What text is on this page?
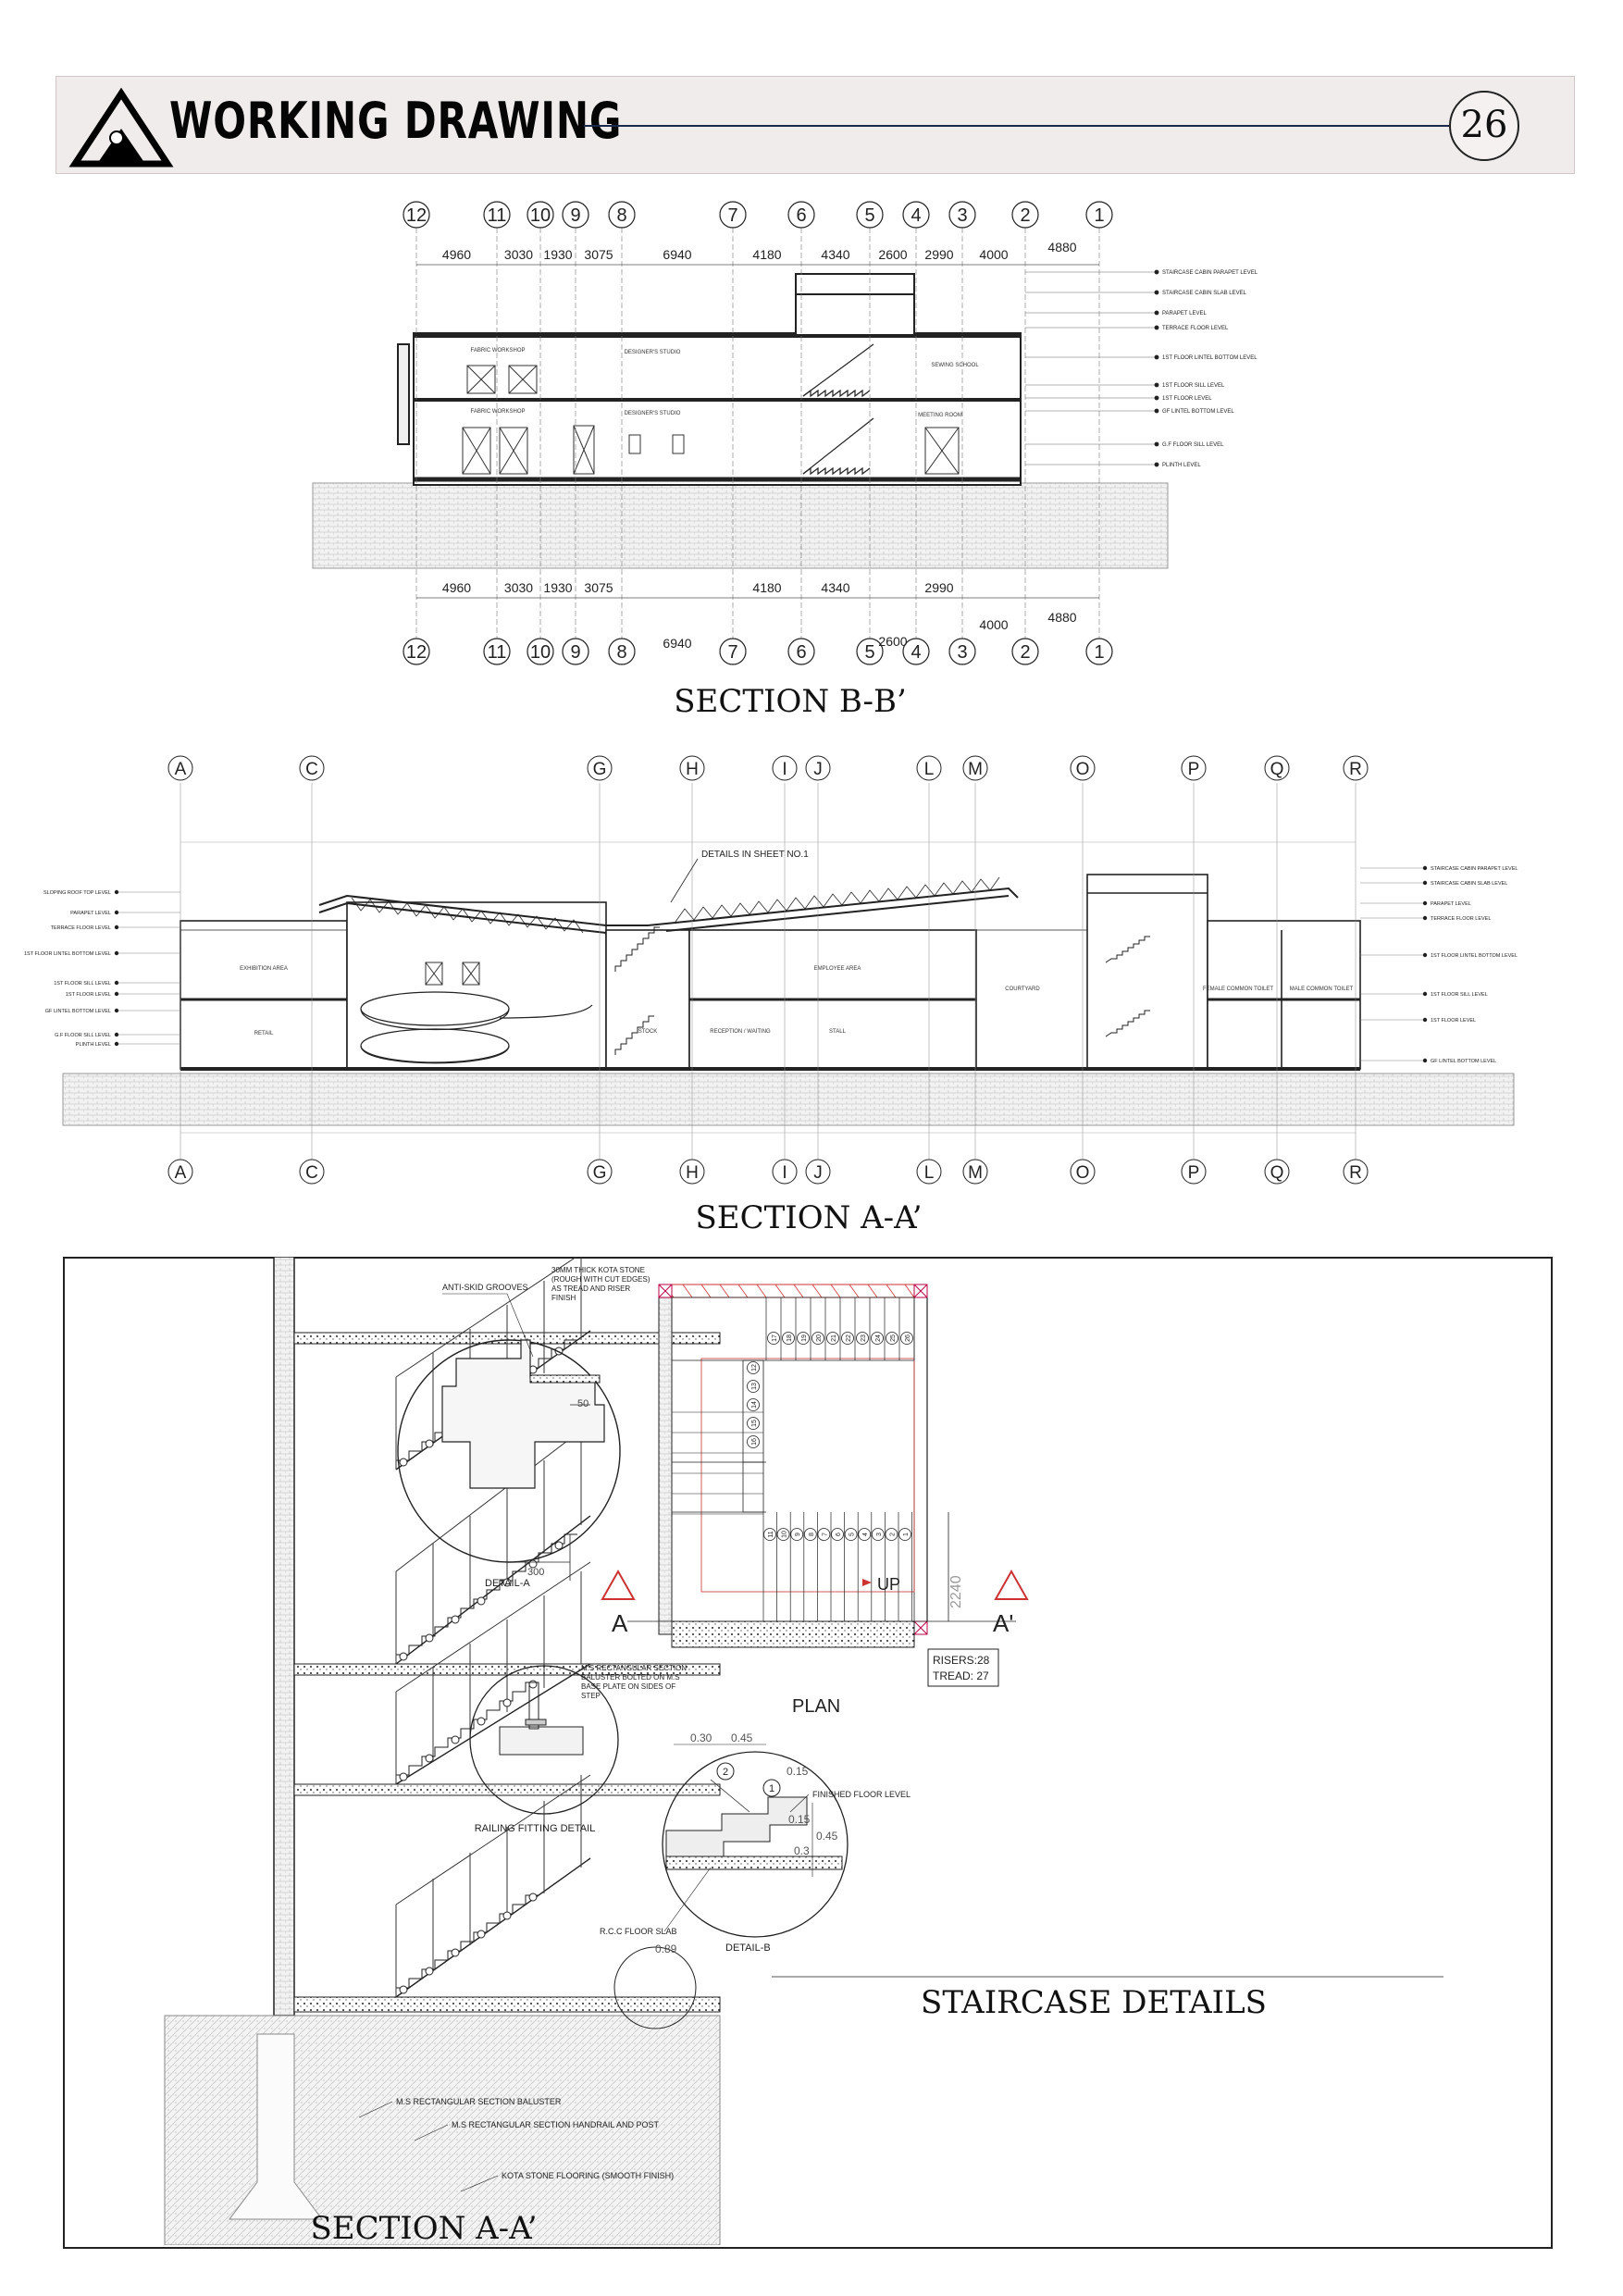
WORKING DRAWING	26
FABRIC WORKSHOP
FABRIC WORKSHOP
DESIGNER'S STUDIO
DESIGNER'S STUDIO
SEWING SCHOOL
MEETING ROOM
STAIRCASE CABIN PARAPET LEVEL
STAIRCASE CABIN SLAB LEVEL
PARAPET LEVEL
TERRACE FLOOR LEVEL
1ST FLOOR LINTEL BOTTOM LEVEL
1ST FLOOR SILL LEVEL
1ST FLOOR LEVEL
GF LINTEL BOTTOM LEVEL
G.F FLOOR SILL LEVEL
PLINTH LEVEL
12
12
11
11
10
10
9
9
8
8
7
7
6
6
5
5
4
4
3
3
2
2
1
1
4960	3030 1930 3075	6940	4180	4340 2600 2990 4000	4880
4960	3030 1930 3075
6940
4180	4340
2600
2990
4000	4880
SECTION B-B’
EXHIBITION AREA
RETAIL
EMPLOYEE AREA
STALL
RECEPTION / WAITING
STOCK
COURTYARD	FEMALE COMMON TOILET	MALE COMMON TOILET
SLOPING ROOF TOP LEVEL
PARAPET LEVEL
TERRACE FLOOR LEVEL
1ST FLOOR LINTEL BOTTOM LEVEL
1ST FLOOR SILL LEVEL
1ST FLOOR LEVEL
GF LINTEL BOTTOM LEVEL
G.F FLOOR SILL LEVEL
PLINTH LEVEL
STAIRCASE CABIN PARAPET LEVEL
STAIRCASE CABIN SLAB LEVEL
PARAPET LEVEL
TERRACE FLOOR LEVEL
1ST FLOOR LINTEL BOTTOM LEVEL
1ST FLOOR SILL LEVEL
1ST FLOOR LEVEL
GF LINTEL BOTTOM LEVEL
A
A
C
C
G
G
H
H
I
I
J
J
L
L
M
M
O
O
P
P
Q
Q
R
R
DETAILS IN SHEET NO.1
SECTION A-A’
0.89
M.S RECTANGULAR SECTION BALUSTER
M.S RECTANGULAR SECTION HANDRAIL AND POST
KOTA STONE FLOORING (SMOOTH FINISH)
300
50
DETAIL-A
ANTI-SKID GROOVES
30MM THICK KOTA STONE (ROUGH WITH CUT EDGES) AS TREAD AND RISER FINISH
M.S RECTANGULAR SECTION BALUSTER BOLTED ON M.S BASE PLATE ON SIDES OF STEP
RAILING FITTING DETAIL
17 18 19 20 21 22 23 24 25 26
16
15
14
13
12
11 10 9 8 7 6 5 4 3 2 1
A	A'
UP	2240
RISERS:28
TREAD: 27
PLAN
2
1
0.30 0.45
0.15
0.15
0.45
0.3
DETAIL-B
FINISHED FLOOR LEVEL
R.C.C FLOOR SLAB
STAIRCASE DETAILS
SECTION A-A’
